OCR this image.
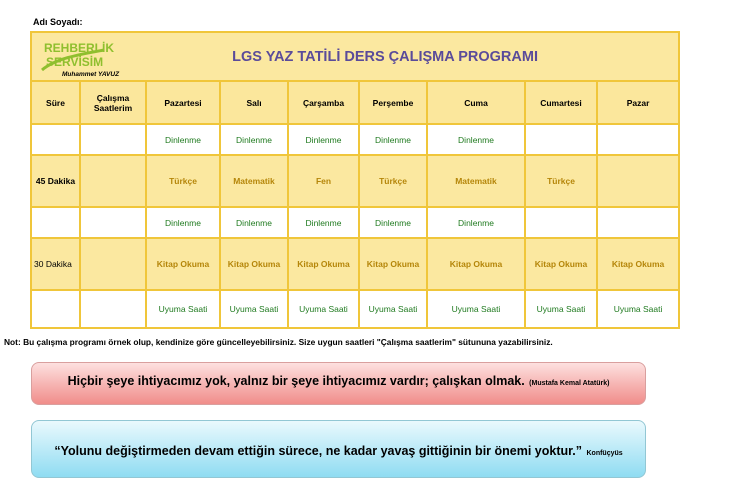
Adı Soyadı:
REHBERLİK
SERVİSİM
Muhammet YAVUZ
LGS YAZ TATİLİ DERS ÇALIŞMA PROGRAMI								

Süre	Çalışma Saatlerim	Pazartesi	Salı	Çarşamba	Perşembe	Cuma	Cumartesi	Pazar
		Dinlenme	Dinlenme	Dinlenme	Dinlenme	Dinlenme		
45 Dakika		Türkçe	Matematik	Fen	Türkçe	Matematik	Türkçe	
		Dinlenme	Dinlenme	Dinlenme	Dinlenme	Dinlenme		
30 Dakika		Kitap Okuma	Kitap Okuma	Kitap Okuma	Kitap Okuma	Kitap Okuma	Kitap Okuma	Kitap Okuma
		Uyuma Saati	Uyuma Saati	Uyuma Saati	Uyuma Saati	Uyuma Saati	Uyuma Saati	Uyuma Saati
Not: Bu çalışma programı örnek olup, kendinize göre güncelleyebilirsiniz. Size uygun saatleri "Çalışma saatlerim" sütununa yazabilirsiniz.
Hiçbir şeye ihtiyacımız yok, yalnız bir şeye ihtiyacımız vardır; çalışkan olmak. (Mustafa Kemal Atatürk)
“Yolunu değiştirmeden devam ettiğin sürece, ne kadar yavaş gittiğinin bir önemi yoktur.” Konfüçyüs
